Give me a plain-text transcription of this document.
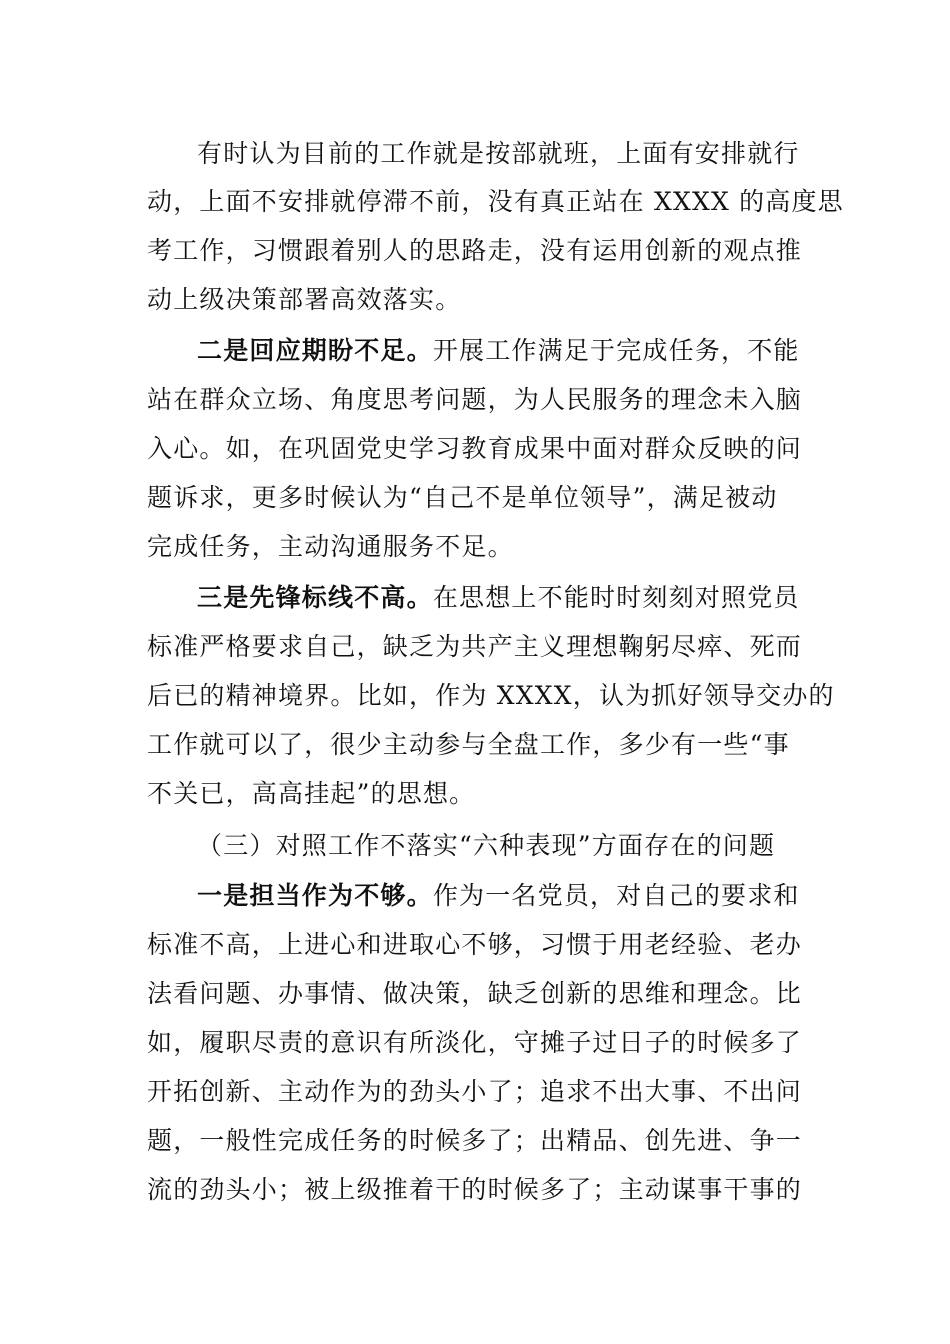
有时认为目前的工作就是按部就班，上面有安排就行
动，上面不安排就停滞不前，没有真正站在 XXXX 的高度思
考工作，习惯跟着别人的思路走，没有运用创新的观点推
动上级决策部署高效落实。
二是回应期盼不足。开展工作满足于完成任务，不能
站在群众立场、角度思考问题，为人民服务的理念未入脑
入心。如，在巩固党史学习教育成果中面对群众反映的问
题诉求，更多时候认为“自己不是单位领导”，满足被动
完成任务，主动沟通服务不足。
三是先锋标线不高。在思想上不能时时刻刻对照党员
标准严格要求自己，缺乏为共产主义理想鞠躬尽瘁、死而
后已的精神境界。比如，作为 XXXX，认为抓好领导交办的
工作就可以了，很少主动参与全盘工作，多少有一些“事
不关已，高高挂起”的思想。
（三）对照工作不落实“六种表现”方面存在的问题
一是担当作为不够。作为一名党员，对自己的要求和
标准不高，上进心和进取心不够，习惯于用老经验、老办
法看问题、办事情、做决策，缺乏创新的思维和理念。比
如，履职尽责的意识有所淡化，守摊子过日子的时候多了
开拓创新、主动作为的劲头小了；追求不出大事、不出问
题，一般性完成任务的时候多了；出精品、创先进、争一
流的劲头小；被上级推着干的时候多了；主动谋事干事的
